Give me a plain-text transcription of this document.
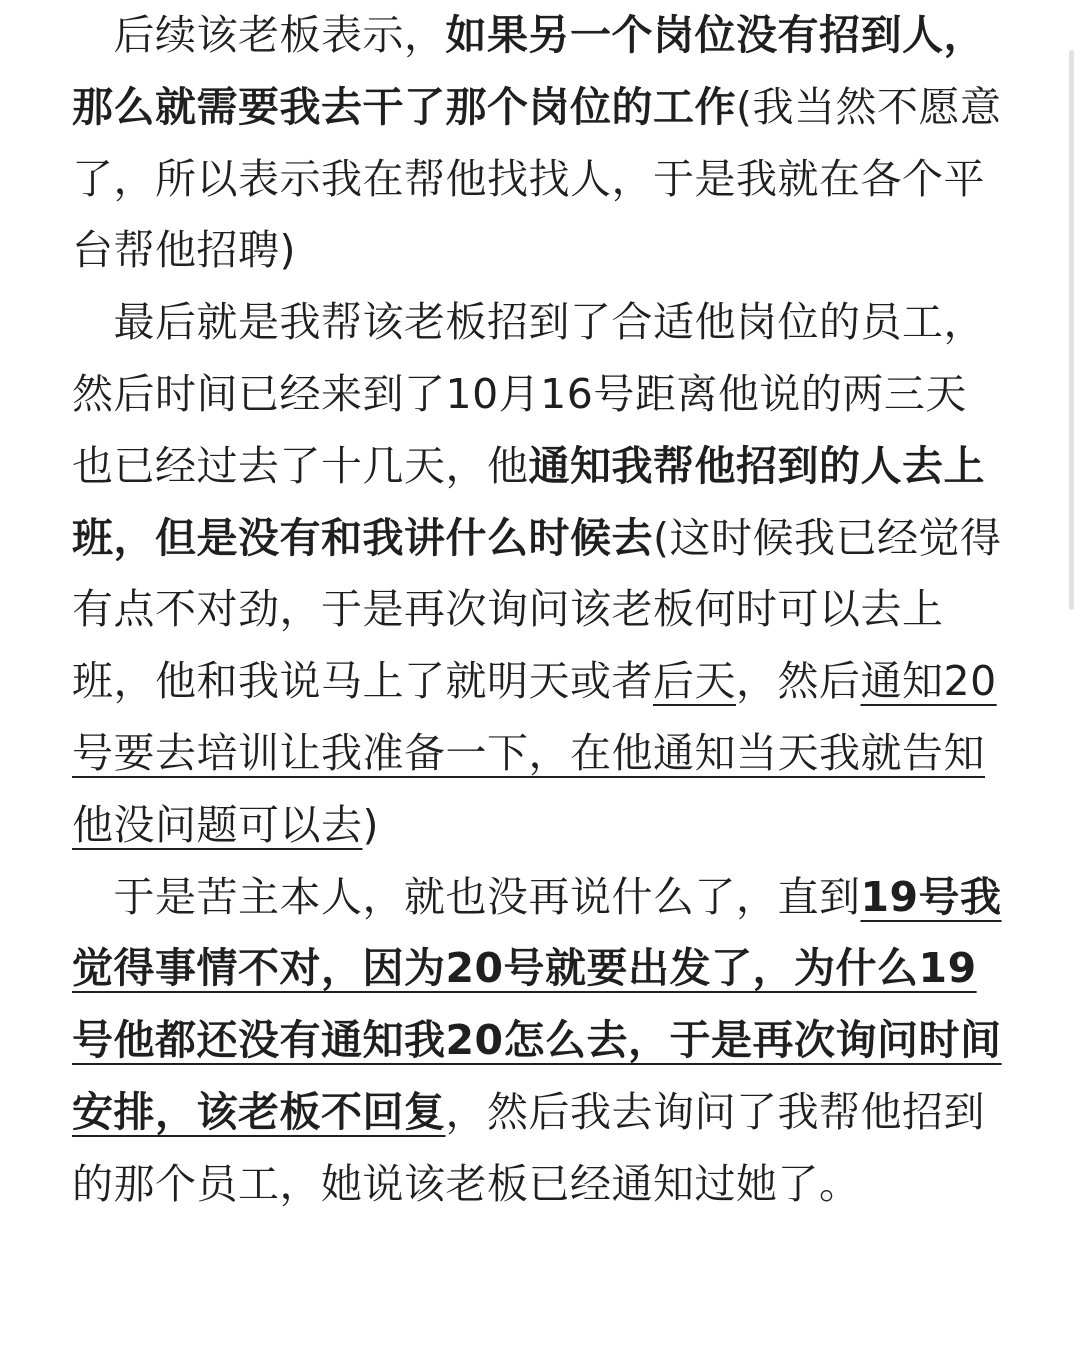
　后续该老板表示，如果另一个岗位没有招到人，那么就需要我去干了那个岗位的工作(我当然不愿意了，所以表示我在帮他找找人，于是我就在各个平台帮他招聘)

　最后就是我帮该老板招到了合适他岗位的员工，然后时间已经来到了10月16号距离他说的两三天也已经过去了十几天，他通知我帮他招到的人去上班，但是没有和我讲什么时候去(这时候我已经觉得有点不对劲，于是再次询问该老板何时可以去上班，他和我说马上了就明天或者后天，然后通知20号要去培训让我准备一下，在他通知当天我就告知他没问题可以去)

　于是苦主本人，就也没再说什么了，直到19号我觉得事情不对，因为20号就要出发了，为什么19号他都还没有通知我20怎么去，于是再次询问时间安排，该老板不回复，然后我去询问了我帮他招到的那个员工，她说该老板已经通知过她了。
